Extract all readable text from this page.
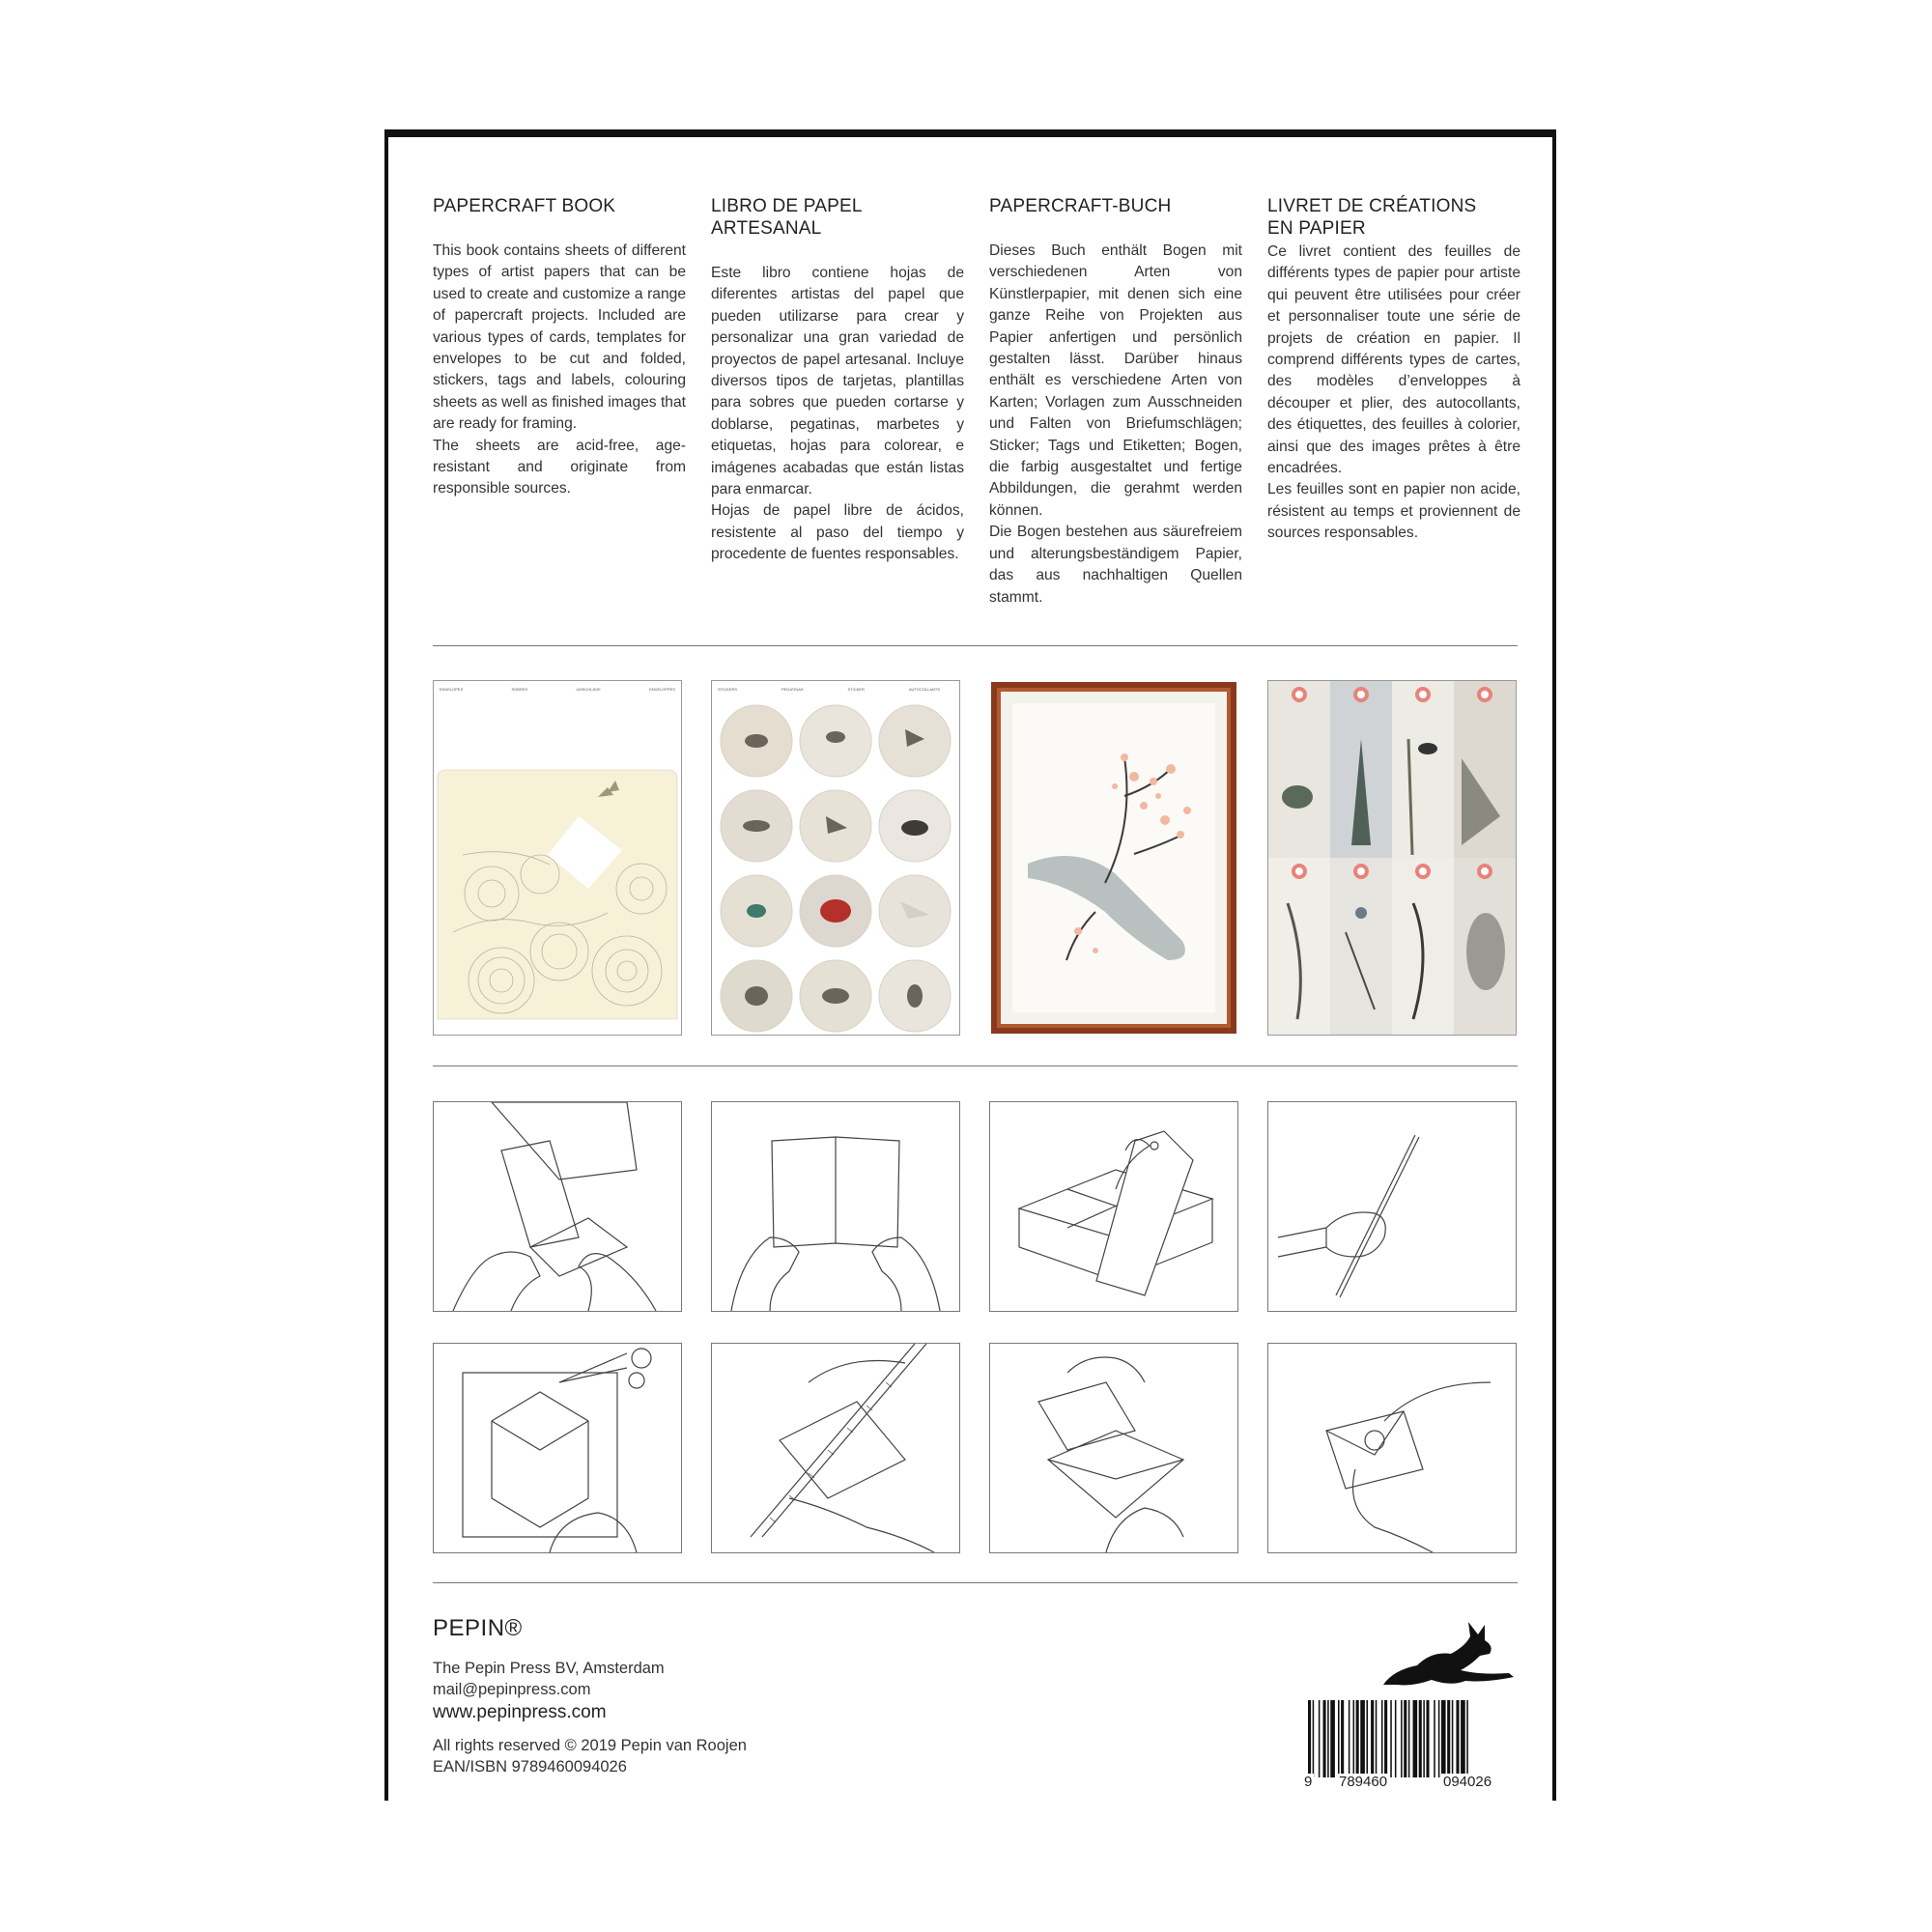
PAPERCRAFT BOOK

This book contains sheets of different types of artist papers that can be used to create and customize a range of papercraft projects. Included are various types of cards, templates for envelopes to be cut and folded, stickers, tags and labels, colouring sheets as well as finished images that are ready for framing.
The sheets are acid-free, age-resistant and originate from responsible sources.

LIBRO DE PAPEL ARTESANAL

Este libro contiene hojas de diferentes artistas del papel que pueden utilizarse para crear y personalizar una gran variedad de proyectos de papel artesanal. Incluye diversos tipos de tarjetas, plantillas para sobres que pueden cortarse y doblarse, pegatinas, marbetes y etiquetas, hojas para colorear, e imágenes acabadas que están listas para enmarcar.
Hojas de papel libre de ácidos, resistente al paso del tiempo y procedente de fuentes responsables.

PAPERCRAFT-BUCH

Dieses Buch enthält Bogen mit verschiedenen Arten von Künstlerpapier, mit denen sich eine ganze Reihe von Projekten aus Papier anfertigen und persönlich gestalten lässt. Darüber hinaus enthält es verschiedene Arten von Karten; Vorlagen zum Ausschneiden und Falten von Briefumschlägen; Sticker; Tags und Etiketten; Bogen, die farbig ausgestaltet und fertige Abbildungen, die gerahmt werden können.
Die Bogen bestehen aus säurefreiem und alterungsbeständigem Papier, das aus nachhaltigen Quellen stammt.

LIVRET DE CRÉATIONS
EN PAPIER

Ce livret contient des feuilles de différents types de papier pour artiste qui peuvent être utilisées pour créer et personnaliser toute une série de projets de création en papier. Il comprend différents types de cartes, des modèles d’enveloppes à découper et plier, des autocollants, des étiquettes, des feuilles à colorier, ainsi que des images prêtes à être encadrées.
Les feuilles sont en papier non acide, résistent au temps et proviennent de sources responsables.

ENVELOPES	SOBRES	UMSCHLÄGE	ENVELOPPES	STICKERS	PEGATINAS	STICKER	AUTOCOLLANTS
PEPIN®
The Pepin Press BV, Amsterdam
mail@pepinpress.com
www.pepinpress.com
All rights reserved © 2019 Pepin van Roojen
EAN/ISBN 9789460094026
9 789460	094026
